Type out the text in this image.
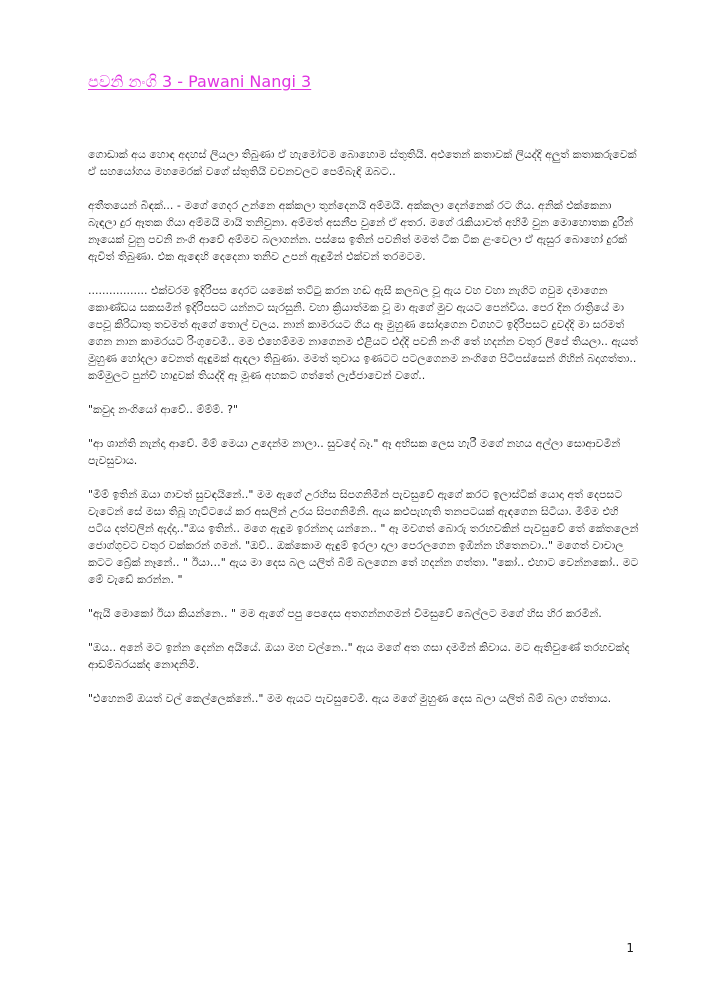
පවනි නංගි 3 - Pawani Nangi 3

ගොඩාක් අය හොඳ අදහස් ලියලා තිබුණා ඒ හැමෝටම බොහොම ස්තුතියි. අළුතෙන් කතාවක් ලියද්දි අලුත් කතාකරුවෙක් ඒ සහයෝගය මහමෙරක් වගේ ස්තුතියි වචනවලට පෙම්බැඳි ඔබට..

අතීතයෙන් බිඳක්... - මගේ ගෙදර උන්නෙ අක්කලා තුන්දෙනයි අම්මයි. අක්කලා දෙන්නෙක් රට ගිය. අනික් එක්කෙනා බැඳලා දුර ඈතක ගියා අම්මයි මායි තනිවුනා. අම්මත් අසනීප වුනේ ඒ අතර. මගේ රැකියාවත් අහිමි වුන මොහොතක දුරින් නෑයෙක් වුනු පවනි නංගි ආවේ අම්මව බලාගන්න. පස්සෙ ඉතින් පවනිත් මමත් ටික ටික ළංවෙලා ඒ ඇසුර බොහෝ දුරක් ඇවිත් තිබුණා. එක ඇඳෙහි දෙදෙනා තනිව උපන් ඇඳුමින් එක්වන් තරමටම.

................. එක්වරම ඉදිරිපස දොරට යමෙක් තට්ටු කරන හඬ ඇසී කලබල වූ ඇය වහ වහා නැගිට ගවුම දමාගෙන කොණ්ඩය සකසමින් ඉදිරිපසට යන්නට සැරසුනි. වහා ක්‍රියාත්මක වූ මා ඇගේ මුව ඇයට පෙන්වීය. පෙර දින රාත්‍රියේ මා පෙවූ කිරිධාතු තවමත් ඇගේ තොල් වලය. නාන් කාමරයට ගිය ඈ මුහුණ සෝදාගෙන විගහට ඉදිරිපසට දුවද්දි මා සරමත් ගෙන නාන කාමරයට රිංගුවෙමි.. මම එහෙම්මම නාගෙනම එළියට එද්දි පවනි නංගි තේ හදන්න වතුර ලිපේ තියලා.. ඇයත් මුහුණ හෝදලා වෙනත් ඇඳුමක් ඇඳලා තිබුණා. මමත් තුවාය ඉණටට පටලගෙනම නංගිගෙ පිටිපස්සෙන් ගිහින් බදාගත්තා.. කම්මුලට පුන්චි හාදුවක් තියද්දි ඈ මූණ අහකට ගත්තේ ලැජ්ජාවෙන් වගේ..

"කවුද නංගියෝ ආවේ.. ම්ම්ම්. ?"

"ආ ශාන්ති නැන්දා ආවේ. මිම් මෙයා උදෙන්ම නාලා.. සුවදේ බෑ." ඈ අභිසක ලෙස හැරී මගේ නහය අල්ලා සොආවමින් පැවසුවාය.

"මිම් ඉතින් ඔයා ගාවත් සුවඳයිනේ.." මම ඇගේ උරහිස සිපගනිමින් පැවසුවේ ඇගේ කරට ඉලාස්ටික් යොදා අත් දෙපසට වැටෙන් සේ මසා තිබූ හැට්ටයේ කර අසලින් උරය සිපගනිමිනි. ඇය කළුපැහැති තනපටයක් ඇඳගෙන සිටියා. මිම්ම එහි පටිය දත්වලින් ඇද්දා.."ඔය ඉතින්.. මගෙ ඇඳුම ඉරන්නද යන්නෙ.. " ඈ මවගත් බොරු තරහවකින් පැවසුවේ තේ කේතලෙන් ජොග්ගුවට වතුර වක්කරන් ගමන්. "ඔව්.. ඔක්කොම ඇඳුම් ඉරලා දාලා පෙරලගෙන ඉඹින්න හිතෙනවා.." මගෙත් වාචාල කටට බ්‍රේක් නෑනේ.. " ඊයා…" ඇය මා දෙස බල යලිත් බිම් බලගෙන තේ හදන්න ගත්තා. "කෝ.. එහාට වෙන්නකෝ.. මට මේ වැඩේ කරන්න. "

"ඇයි මොකෝ ඊයා කියන්නෙ.. " මම ඇගේ පපු පෙදෙස අතගන්නගමන් විමසුවේ බෙල්ලට මගේ හිස හිර කරමින්.

"ඔය.. අනේ මට ඉන්න දෙන්න අයියේ. ඔයා මහ වල්නෙ.." ඇය මගේ අත ගසා දමමින් කිවාය. මට ඇතිවුණේ තරහවක්ද ආඩම්බරයක්ද නොදනිමි.

"එහෙනම් ඔයත් වල් කෙල්ලෙක්නේ.." මම ඇයට පැවසුවෙමි. ඇය මගේ මුහුණ දෙස බලා යලිත් බිම් බලා ගත්තාය.

1
